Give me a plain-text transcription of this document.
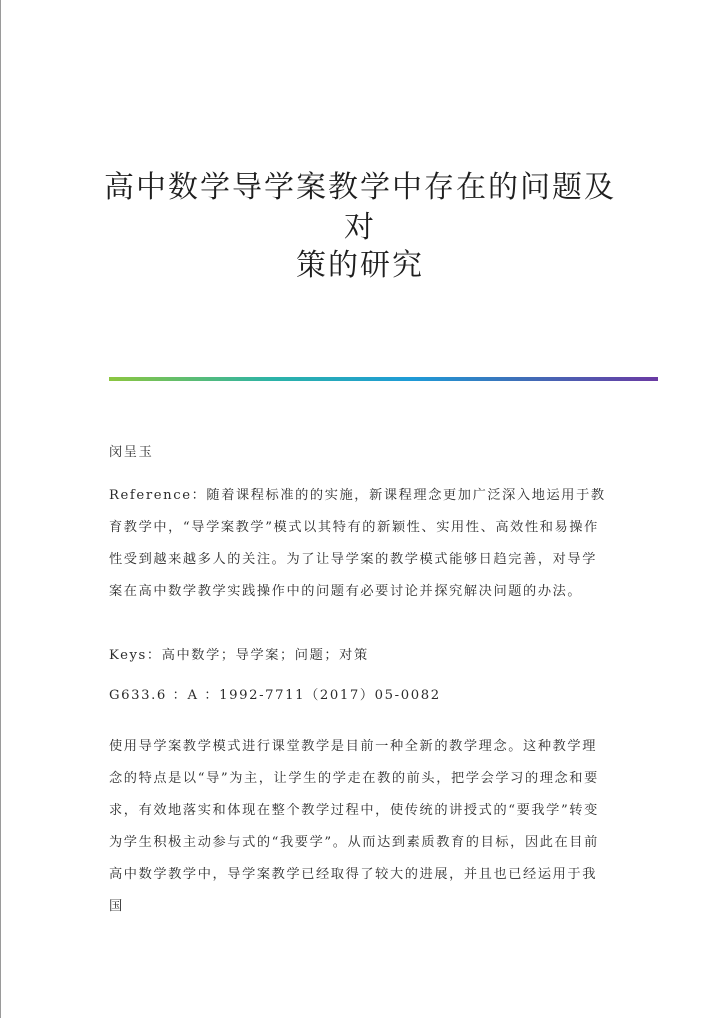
高中数学导学案教学中存在的问题及对
策的研究

闵呈玉

Reference：随着课程标准的的实施，新课程理念更加广泛深入地运用于教育教学中，“导学案教学”模式以其特有的新颖性、实用性、高效性和易操作性受到越来越多人的关注。为了让导学案的教学模式能够日趋完善，对导学案在高中数学教学实践操作中的问题有必要讨论并探究解决问题的办法。

Keys：高中数学；导学案；问题；对策

G633.6 ：A ：1992-7711（2017）05-0082

使用导学案教学模式进行课堂教学是目前一种全新的教学理念。这种教学理念的特点是以“导”为主，让学生的学走在教的前头，把学会学习的理念和要求，有效地落实和体现在整个教学过程中，使传统的讲授式的“要我学”转变为学生积极主动参与式的“我要学”。从而达到素质教育的目标，因此在目前高中数学教学中，导学案教学已经取得了较大的进展，并且也已经运用于我国
